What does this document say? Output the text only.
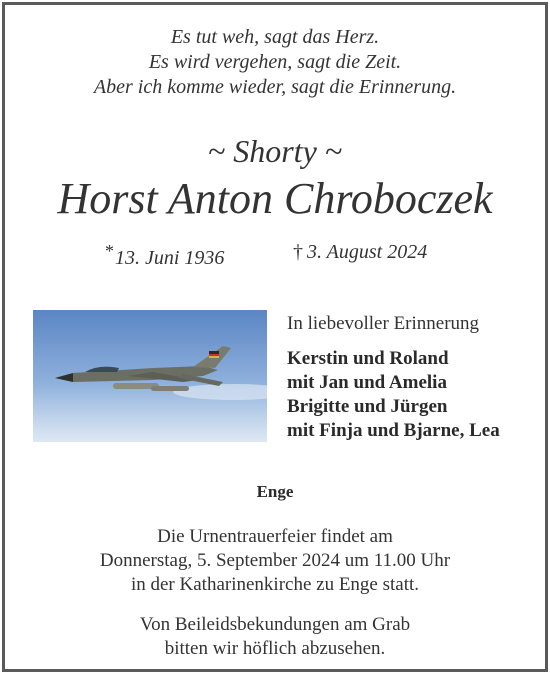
Es tut weh, sagt das Herz.
Es wird vergehen, sagt die Zeit.
Aber ich komme wieder, sagt die Erinnerung.
~ Shorty ~
Horst Anton Chroboczek
*13. Juni 1936	† 3. August 2024
In liebevoller Erinnerung
Kerstin und Roland
mit Jan und Amelia
Brigitte und Jürgen
mit Finja und Bjarne, Lea
Enge
Die Urnentrauerfeier findet am
Donnerstag, 5. September 2024 um 11.00 Uhr
in der Katharinenkirche zu Enge statt.
Von Beileidsbekundungen am Grab
bitten wir höflich abzusehen.
